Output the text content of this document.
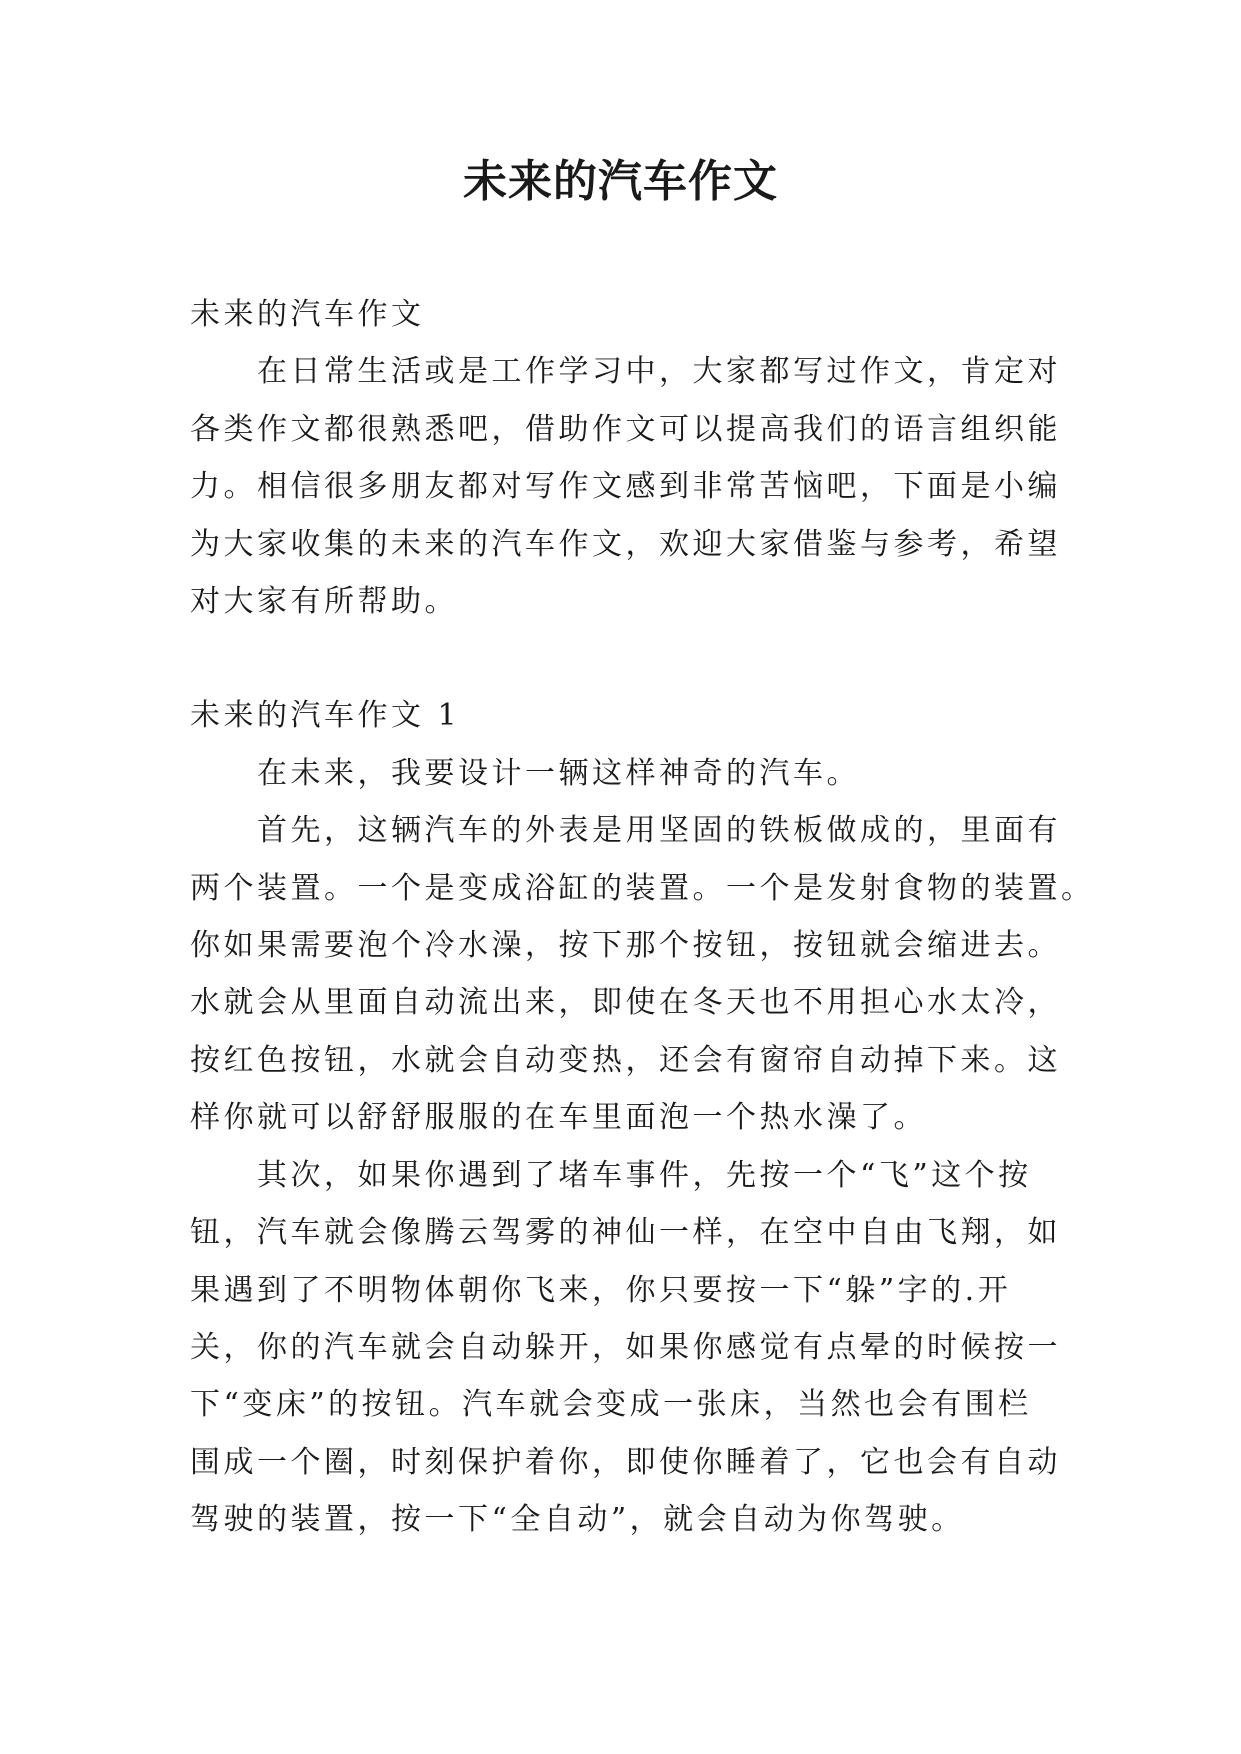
未来的汽车作文

未来的汽车作文

在日常生活或是工作学习中，大家都写过作文，肯定对

各类作文都很熟悉吧，借助作文可以提高我们的语言组织能

力。相信很多朋友都对写作文感到非常苦恼吧，下面是小编

为大家收集的未来的汽车作文，欢迎大家借鉴与参考，希望

对大家有所帮助。

未来的汽车作文 1

在未来，我要设计一辆这样神奇的汽车。

首先，这辆汽车的外表是用坚固的铁板做成的，里面有

两个装置。一个是变成浴缸的装置。一个是发射食物的装置。

你如果需要泡个冷水澡，按下那个按钮，按钮就会缩进去。

水就会从里面自动流出来，即使在冬天也不用担心水太冷，

按红色按钮，水就会自动变热，还会有窗帘自动掉下来。这

样你就可以舒舒服服的在车里面泡一个热水澡了。

其次，如果你遇到了堵车事件，先按一个“飞”这个按

钮，汽车就会像腾云驾雾的神仙一样，在空中自由飞翔，如

果遇到了不明物体朝你飞来，你只要按一下“躲”字的.开

关，你的汽车就会自动躲开，如果你感觉有点晕的时候按一

下“变床”的按钮。汽车就会变成一张床，当然也会有围栏

围成一个圈，时刻保护着你，即使你睡着了，它也会有自动

驾驶的装置，按一下“全自动”，就会自动为你驾驶。
